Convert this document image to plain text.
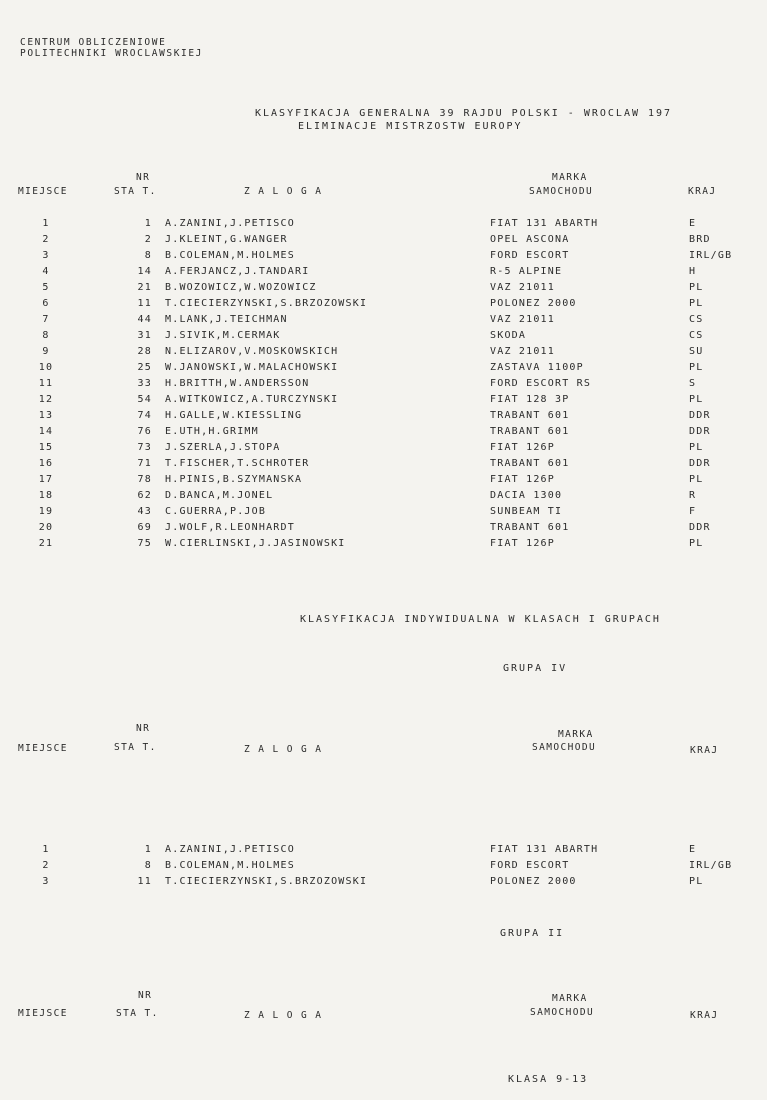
CENTRUM OBLICZENIOWE
POLITECHNIKI WROCLAWSKIEJ
KLASYFIKACJA GENERALNA 39 RAJDU POLSKI - WROCLAW 197
ELIMINACJE MISTRZOSTW EUROPY
NR	MARKA
MIEJSCE	STA T.	Z A L O G A	SAMOCHODU	KRAJ
1	1 A.ZANINI,J.PETISCO	FIAT 131 ABARTH	E
2	2 J.KLEINT,G.WANGER	OPEL ASCONA	BRD
3	8 B.COLEMAN,M.HOLMES	FORD ESCORT	IRL/GB
4	14 A.FERJANCZ,J.TANDARI	R-5 ALPINE	H
5	21 B.WOZOWICZ,W.WOZOWICZ	VAZ 21011	PL
6	11 T.CIECIERZYNSKI,S.BRZOZOWSKI	POLONEZ 2000	PL
7	44 M.LANK,J.TEICHMAN	VAZ 21011	CS
8	31 J.SIVIK,M.CERMAK	SKODA	CS
9	28 N.ELIZAROV,V.MOSKOWSKICH	VAZ 21011	SU
10	25 W.JANOWSKI,W.MALACHOWSKI	ZASTAVA 1100P	PL
11	33 H.BRITTH,W.ANDERSSON	FORD ESCORT RS	S
12	54 A.WITKOWICZ,A.TURCZYNSKI	FIAT 128 3P	PL
13	74 H.GALLE,W.KIESSLING	TRABANT 601	DDR
14	76 E.UTH,H.GRIMM	TRABANT 601	DDR
15	73 J.SZERLA,J.STOPA	FIAT 126P	PL
16	71 T.FISCHER,T.SCHROTER	TRABANT 601	DDR
17	78 H.PINIS,B.SZYMANSKA	FIAT 126P	PL
18	62 D.BANCA,M.JONEL	DACIA 1300	R
19	43 C.GUERRA,P.JOB	SUNBEAM TI	F
20	69 J.WOLF,R.LEONHARDT	TRABANT 601	DDR
21	75 W.CIERLINSKI,J.JASINOWSKI	FIAT 126P	PL
KLASYFIKACJA INDYWIDUALNA W KLASACH I GRUPACH
GRUPA IV
NR
MARKA
MIEJSCE	STA T.	Z A L O G A	SAMOCHODU	KRAJ
1	1 A.ZANINI,J.PETISCO	FIAT 131 ABARTH	E
2	8 B.COLEMAN,M.HOLMES	FORD ESCORT	IRL/GB
3	11 T.CIECIERZYNSKI,S.BRZOZOWSKI	POLONEZ 2000	PL
GRUPA II
NR	MARKA
MIEJSCE	STA T.	Z A L O G A	SAMOCHODU	KRAJ
KLASA 9-13
